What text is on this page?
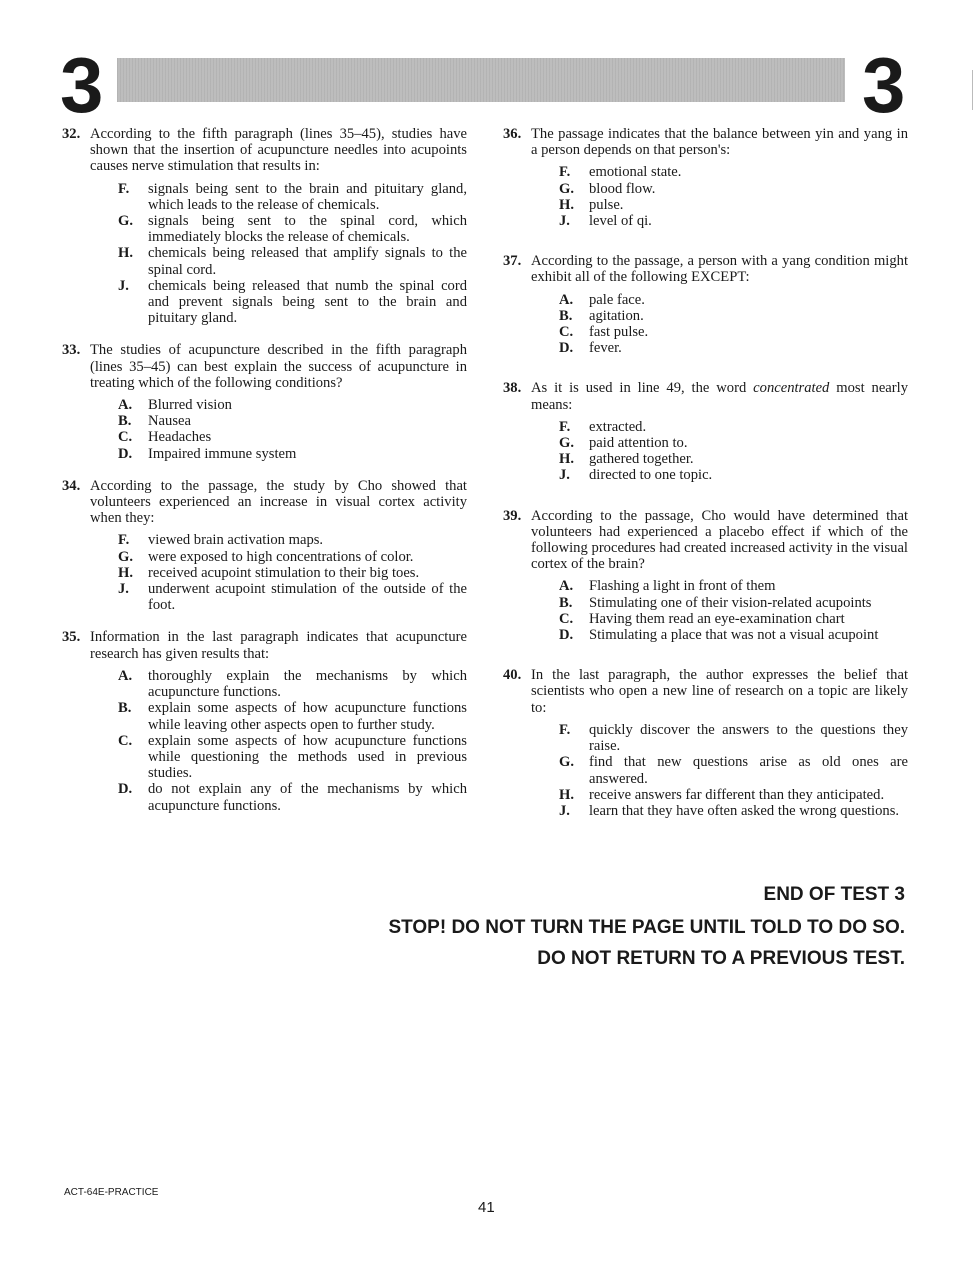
3	3
32. According to the fifth paragraph (lines 35–45), studies have shown that the insertion of acupuncture needles into acupoints causes nerve stimulation that results in:
F. signals being sent to the brain and pituitary gland, which leads to the release of chemicals.
G. signals being sent to the spinal cord, which immediately blocks the release of chemicals.
H. chemicals being released that amplify signals to the spinal cord.
J. chemicals being released that numb the spinal cord and prevent signals being sent to the brain and pituitary gland.
33. The studies of acupuncture described in the fifth paragraph (lines 35–45) can best explain the success of acupuncture in treating which of the following conditions?
A. Blurred vision
B. Nausea
C. Headaches
D. Impaired immune system
34. According to the passage, the study by Cho showed that volunteers experienced an increase in visual cortex activity when they:
F. viewed brain activation maps.
G. were exposed to high concentrations of color.
H. received acupoint stimulation to their big toes.
J. underwent acupoint stimulation of the outside of the foot.
35. Information in the last paragraph indicates that acupuncture research has given results that:
A. thoroughly explain the mechanisms by which acupuncture functions.
B. explain some aspects of how acupuncture functions while leaving other aspects open to further study.
C. explain some aspects of how acupuncture functions while questioning the methods used in previous studies.
D. do not explain any of the mechanisms by which acupuncture functions.
36. The passage indicates that the balance between yin and yang in a person depends on that person's:
F. emotional state.
G. blood flow.
H. pulse.
J. level of qi.
37. According to the passage, a person with a yang condition might exhibit all of the following EXCEPT:
A. pale face.
B. agitation.
C. fast pulse.
D. fever.
38. As it is used in line 49, the word concentrated most nearly means:
F. extracted.
G. paid attention to.
H. gathered together.
J. directed to one topic.
39. According to the passage, Cho would have determined that volunteers had experienced a placebo effect if which of the following procedures had created increased activity in the visual cortex of the brain?
A. Flashing a light in front of them
B. Stimulating one of their vision-related acupoints
C. Having them read an eye-examination chart
D. Stimulating a place that was not a visual acupoint
40. In the last paragraph, the author expresses the belief that scientists who open a new line of research on a topic are likely to:
F. quickly discover the answers to the questions they raise.
G. find that new questions arise as old ones are answered.
H. receive answers far different than they anticipated.
J. learn that they have often asked the wrong questions.
END OF TEST 3
STOP! DO NOT TURN THE PAGE UNTIL TOLD TO DO SO.
DO NOT RETURN TO A PREVIOUS TEST.
ACT-64E-PRACTICE
41
